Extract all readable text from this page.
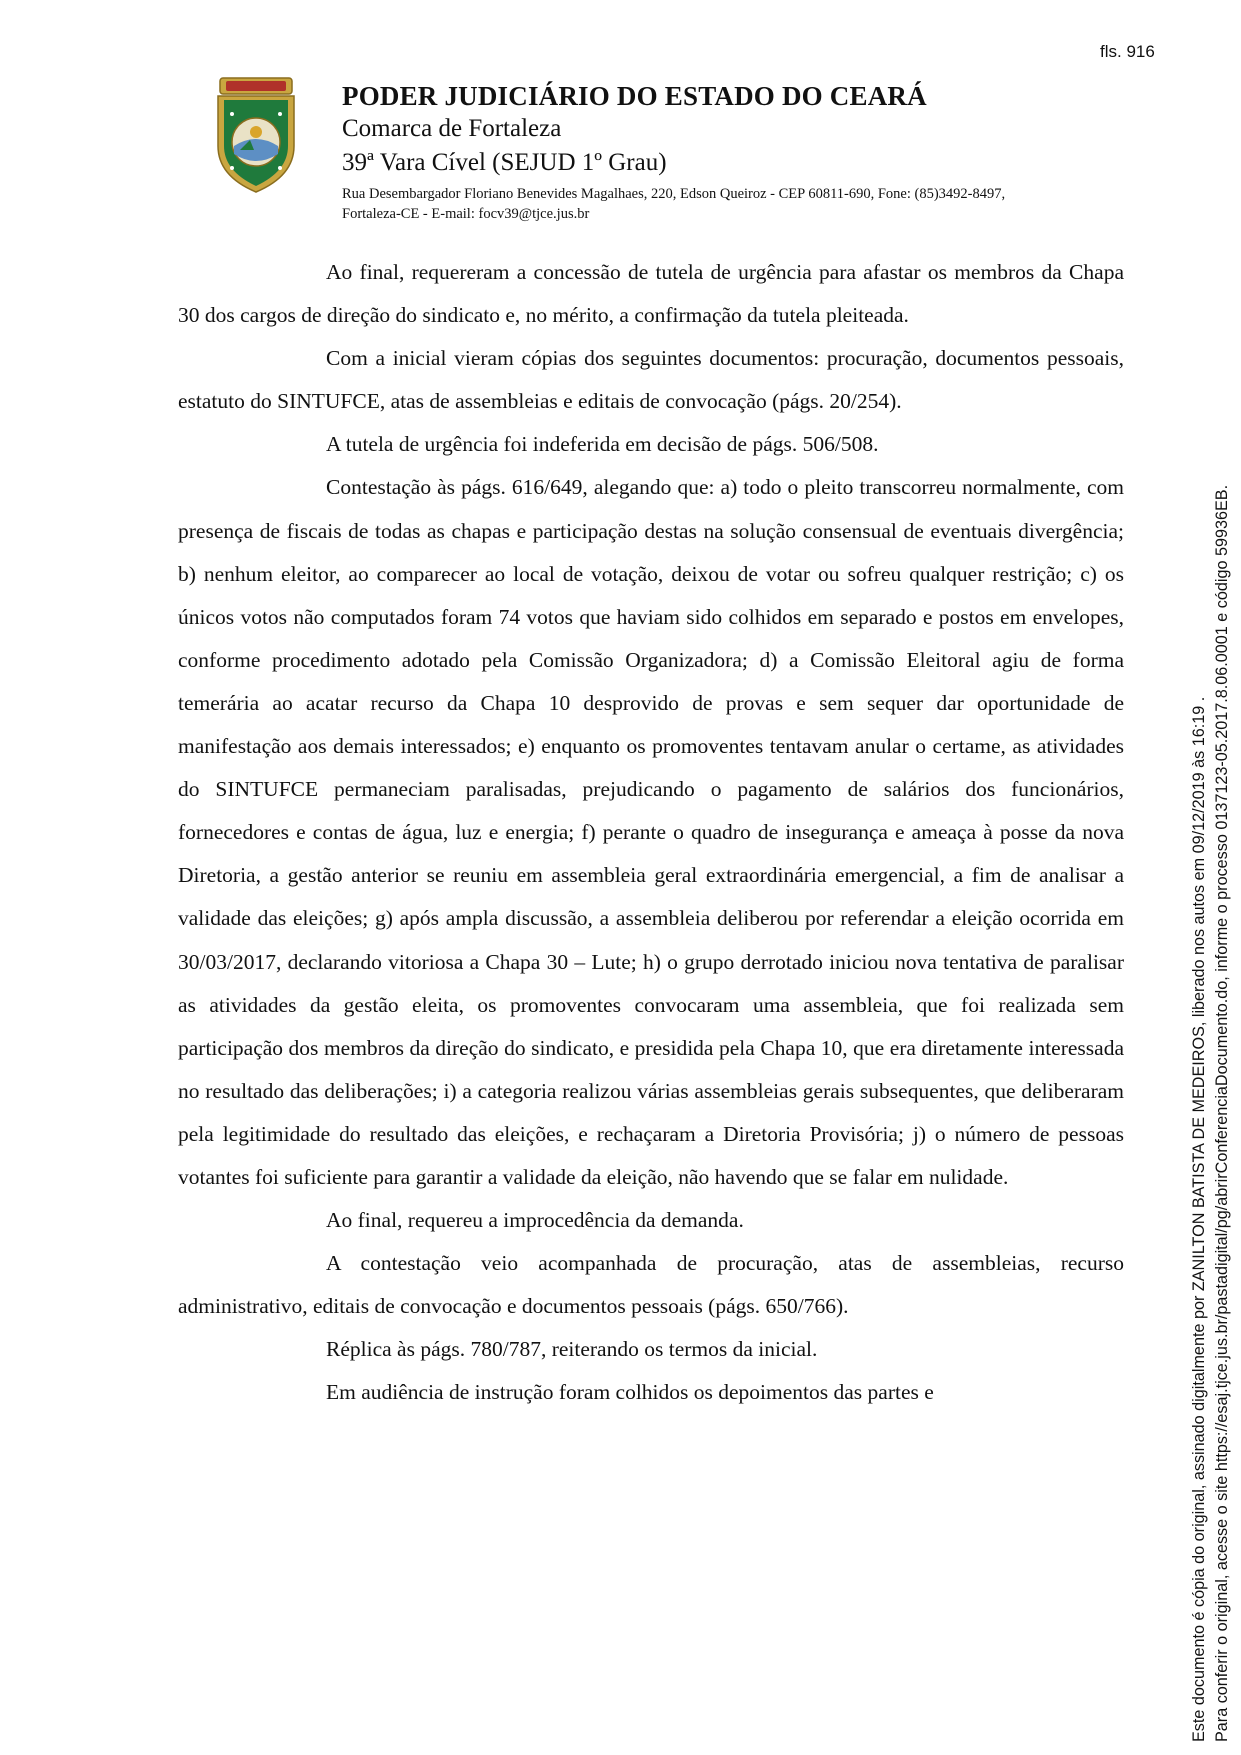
fls. 916
PODER JUDICIÁRIO DO ESTADO DO CEARÁ
Comarca de Fortaleza
39ª Vara Cível (SEJUD 1º Grau)
Rua Desembargador Floriano Benevides Magalhaes, 220, Edson Queiroz - CEP 60811-690, Fone: (85)3492-8497, Fortaleza-CE - E-mail: focv39@tjce.jus.br

Ao final, requereram a concessão de tutela de urgência para afastar os membros da Chapa 30 dos cargos de direção do sindicato e, no mérito, a confirmação da tutela pleiteada.

Com a inicial vieram cópias dos seguintes documentos: procuração, documentos pessoais, estatuto do SINTUFCE, atas de assembleias e editais de convocação (págs. 20/254).

A tutela de urgência foi indeferida em decisão de págs. 506/508.

Contestação às págs. 616/649, alegando que: a) todo o pleito transcorreu normalmente, com presença de fiscais de todas as chapas e participação destas na solução consensual de eventuais divergência; b) nenhum eleitor, ao comparecer ao local de votação, deixou de votar ou sofreu qualquer restrição; c) os únicos votos não computados foram 74 votos que haviam sido colhidos em separado e postos em envelopes, conforme procedimento adotado pela Comissão Organizadora; d) a Comissão Eleitoral agiu de forma temerária ao acatar recurso da Chapa 10 desprovido de provas e sem sequer dar oportunidade de manifestação aos demais interessados; e) enquanto os promoventes tentavam anular o certame, as atividades do SINTUFCE permaneciam paralisadas, prejudicando o pagamento de salários dos funcionários, fornecedores e contas de água, luz e energia; f) perante o quadro de insegurança e ameaça à posse da nova Diretoria, a gestão anterior se reuniu em assembleia geral extraordinária emergencial, a fim de analisar a validade das eleições; g) após ampla discussão, a assembleia deliberou por referendar a eleição ocorrida em 30/03/2017, declarando vitoriosa a Chapa 30 – Lute; h) o grupo derrotado iniciou nova tentativa de paralisar as atividades da gestão eleita, os promoventes convocaram uma assembleia, que foi realizada sem participação dos membros da direção do sindicato, e presidida pela Chapa 10, que era diretamente interessada no resultado das deliberações; i) a categoria realizou várias assembleias gerais subsequentes, que deliberaram pela legitimidade do resultado das eleições, e rechaçaram a Diretoria Provisória; j) o número de pessoas votantes foi suficiente para garantir a validade da eleição, não havendo que se falar em nulidade.

Ao final, requereu a improcedência da demanda.

A contestação veio acompanhada de procuração, atas de assembleias, recurso administrativo, editais de convocação e documentos pessoais (págs. 650/766).

Réplica às págs. 780/787, reiterando os termos da inicial.

Em audiência de instrução foram colhidos os depoimentos das partes e	Este documento é cópia do original, assinado digitalmente por ZANILTON BATISTA DE MEDEIROS, liberado nos autos em 09/12/2019 às 16:19 . Para conferir o original, acesse o site https://esaj.tjce.jus.br/pastadigital/pg/abrirConferenciaDocumento.do, informe o processo 0137123-05.2017.8.06.0001 e código 59936EB.
